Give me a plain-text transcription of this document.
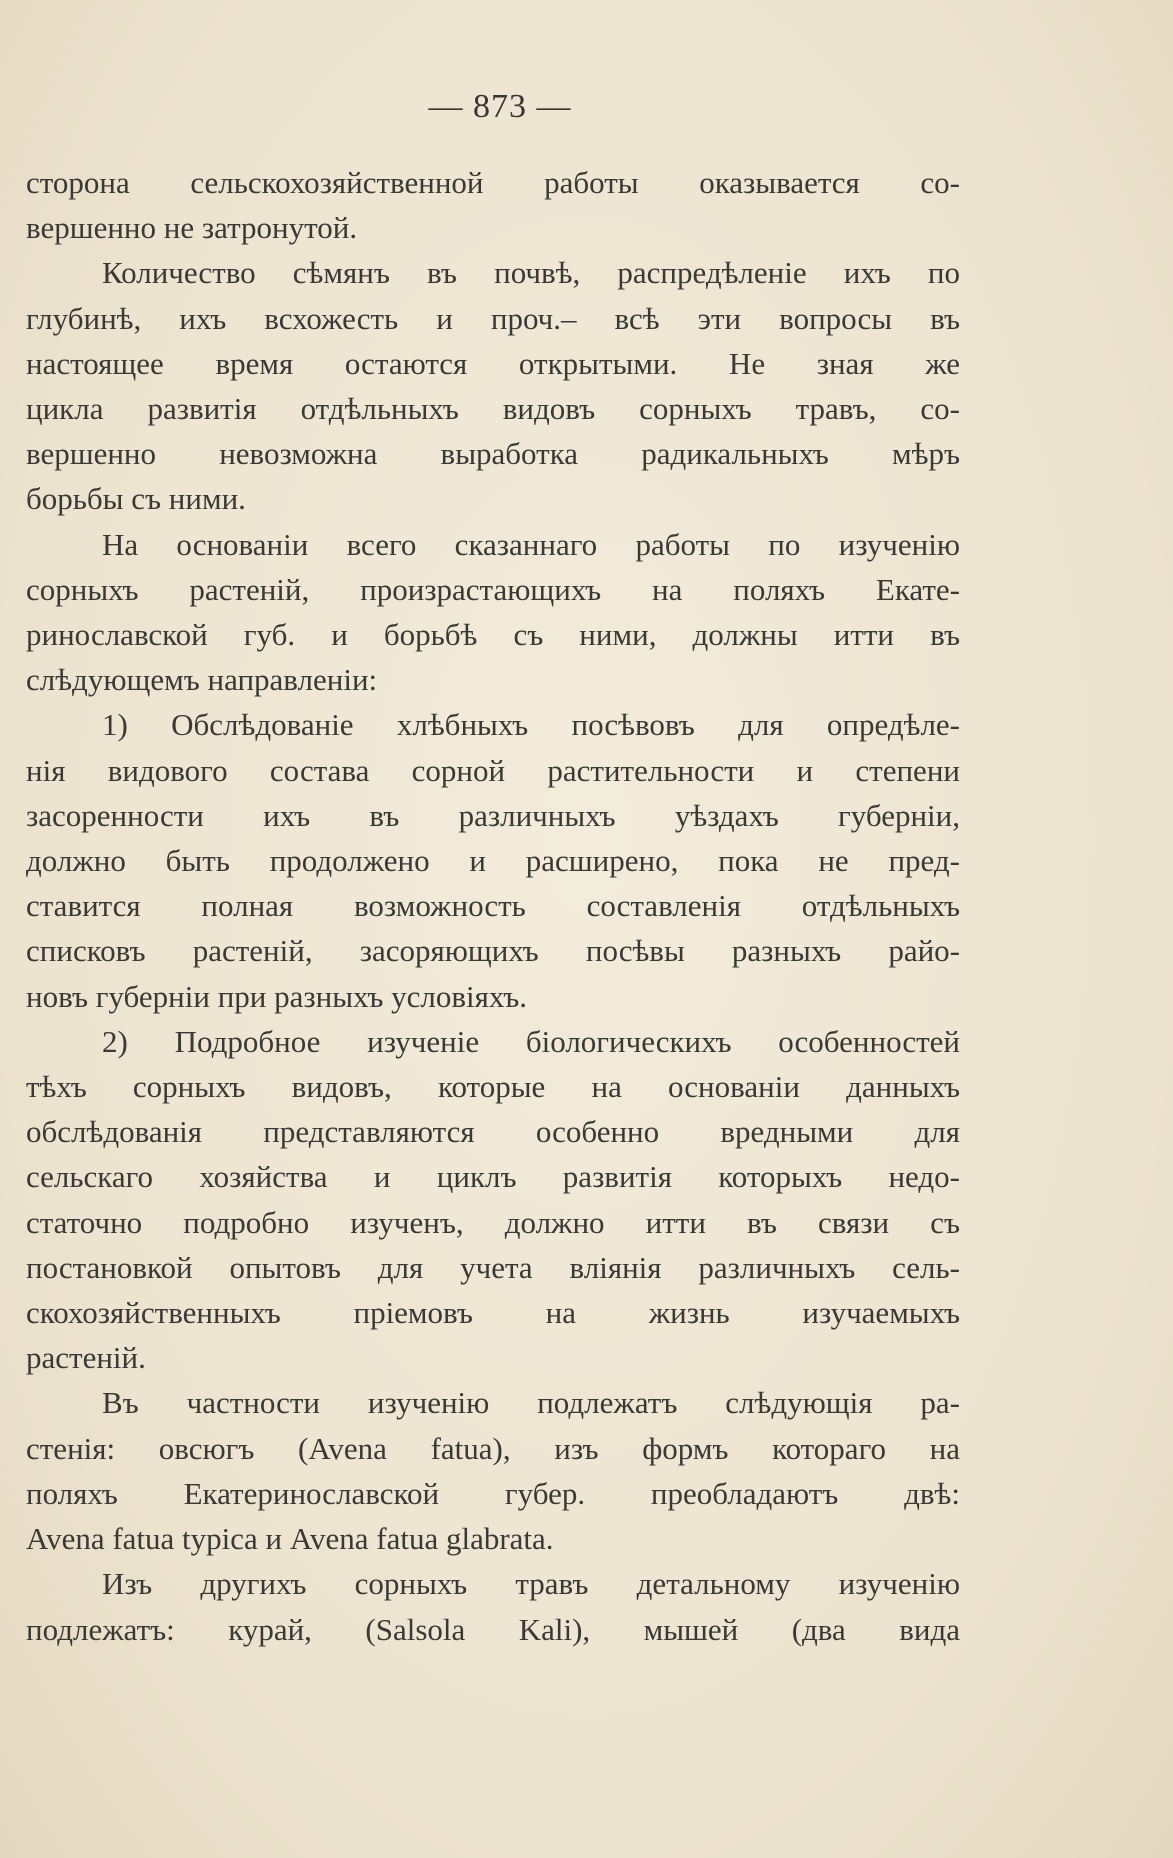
— 873 —
сторона сельскохозяйственной работы оказывается со-
вершенно не затронутой.
Количество сѣмянъ въ почвѣ, распредѣленіе ихъ по
глубинѣ, ихъ всхожесть и проч.– всѣ эти вопросы въ
настоящее время остаются открытыми. Не зная же
цикла развитія отдѣльныхъ видовъ сорныхъ травъ, со-
вершенно невозможна выработка радикальныхъ мѣръ
борьбы съ ними.
На основаніи всего сказаннаго работы по изученію
сорныхъ растеній, произрастающихъ на поляхъ Екате-
ринославской губ. и борьбѣ съ ними, должны итти въ
слѣдующемъ направленіи:
1) Обслѣдованіе хлѣбныхъ посѣвовъ для опредѣле-
нія видового состава сорной растительности и степени
засоренности ихъ въ различныхъ уѣздахъ губерніи,
должно быть продолжено и расширено, пока не пред-
ставится полная возможность составленія отдѣльныхъ
списковъ растеній, засоряющихъ посѣвы разныхъ райо-
новъ губерніи при разныхъ условіяхъ.
2) Подробное изученіе біологическихъ особенностей
тѣхъ сорныхъ видовъ, которые на основаніи данныхъ
обслѣдованія представляются особенно вредными для
сельскаго хозяйства и циклъ развитія которыхъ недо-
статочно подробно изученъ, должно итти въ связи съ
постановкой опытовъ для учета вліянія различныхъ сель-
скохозяйственныхъ пріемовъ на жизнь изучаемыхъ
растеній.
Въ частности изученію подлежатъ слѣдующія ра-
стенія: овсюгъ (Avena fatua), изъ формъ котораго на
поляхъ Екатеринославской губер. преобладаютъ двѣ:
Avena fatua typica и Avena fatua glabrata.
Изъ другихъ сорныхъ травъ детальному изученію
подлежатъ: курай, (Salsola Kali), мышей (два вида
